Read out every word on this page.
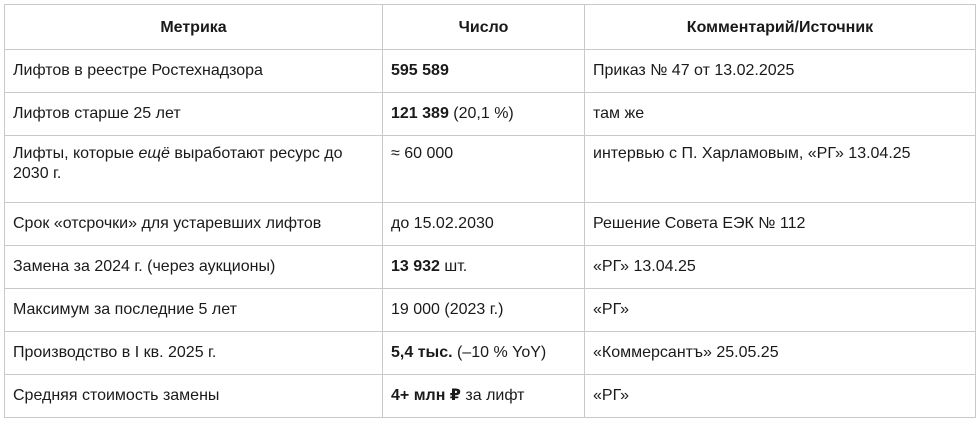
Метрика	Число	Комментарий/Источник
Лифтов в реестре Ростехнадзора	595 589	Приказ № 47 от 13.02.2025
Лифтов старше 25 лет	121 389 (20,1 %)	там же
Лифты, которые ещё выработают ресурс до 2030 г.	≈ 60 000	интервью с П. Харламовым, «РГ» 13.04.25
Срок «отсрочки» для устаревших лифтов	до 15.02.2030	Решение Совета ЕЭК № 112
Замена за 2024 г. (через аукционы)	13 932 шт.	«РГ» 13.04.25
Максимум за последние 5 лет	19 000 (2023 г.)	«РГ»
Производство в I кв. 2025 г.	5,4 тыс. (–10 % YoY)	«Коммерсантъ» 25.05.25
Средняя стоимость замены	4+ млн ₽ за лифт	«РГ»
